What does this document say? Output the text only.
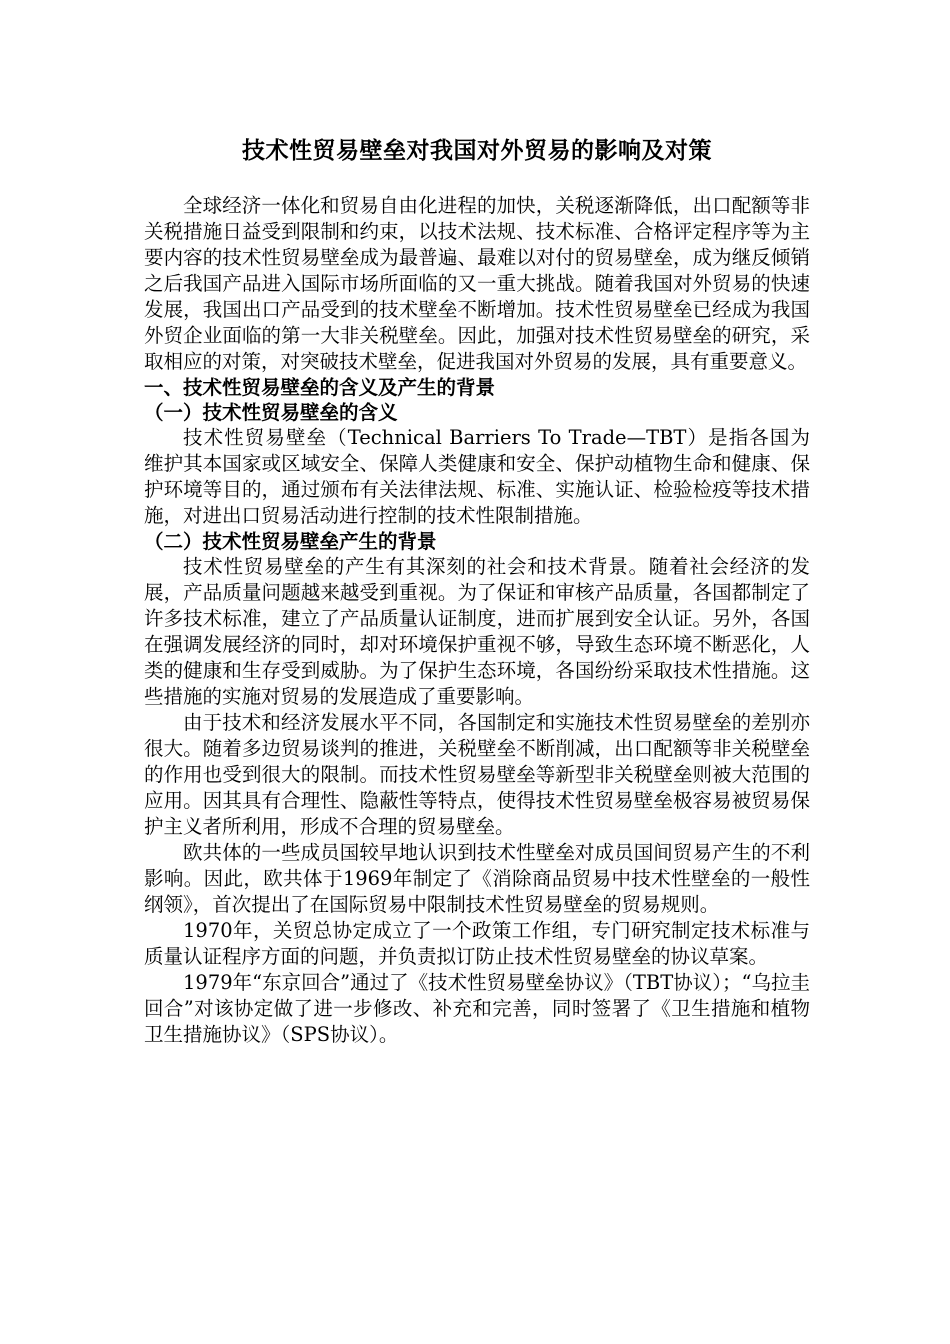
技术性贸易壁垒对我国对外贸易的影响及对策

全球经济一体化和贸易自由化进程的加快，关税逐渐降低，出口配额等非关税措施日益受到限制和约束，以技术法规、技术标准、合格评定程序等为主要内容的技术性贸易壁垒成为最普遍、最难以对付的贸易壁垒，成为继反倾销之后我国产品进入国际市场所面临的又一重大挑战。随着我国对外贸易的快速发展，我国出口产品受到的技术壁垒不断增加。技术性贸易壁垒已经成为我国外贸企业面临的第一大非关税壁垒。因此，加强对技术性贸易壁垒的研究，采取相应的对策，对突破技术壁垒，促进我国对外贸易的发展，具有重要意义。

一、技术性贸易壁垒的含义及产生的背景
（一）技术性贸易壁垒的含义

技术性贸易壁垒（Technical Barriers To Trade—TBT）是指各国为维护其本国家或区域安全、保障人类健康和安全、保护动植物生命和健康、保护环境等目的，通过颁布有关法律法规、标准、实施认证、检验检疫等技术措施，对进出口贸易活动进行控制的技术性限制措施。

（二）技术性贸易壁垒产生的背景

技术性贸易壁垒的产生有其深刻的社会和技术背景。随着社会经济的发展，产品质量问题越来越受到重视。为了保证和审核产品质量，各国都制定了许多技术标准，建立了产品质量认证制度，进而扩展到安全认证。另外，各国在强调发展经济的同时，却对环境保护重视不够，导致生态环境不断恶化，人类的健康和生存受到威胁。为了保护生态环境，各国纷纷采取技术性措施。这些措施的实施对贸易的发展造成了重要影响。

由于技术和经济发展水平不同，各国制定和实施技术性贸易壁垒的差别亦很大。随着多边贸易谈判的推进，关税壁垒不断削减，出口配额等非关税壁垒的作用也受到很大的限制。而技术性贸易壁垒等新型非关税壁垒则被大范围的应用。因其具有合理性、隐蔽性等特点，使得技术性贸易壁垒极容易被贸易保护主义者所利用，形成不合理的贸易壁垒。

欧共体的一些成员国较早地认识到技术性壁垒对成员国间贸易产生的不利影响。因此，欧共体于1969年制定了《消除商品贸易中技术性壁垒的一般性纲领》，首次提出了在国际贸易中限制技术性贸易壁垒的贸易规则。

1970年，关贸总协定成立了一个政策工作组，专门研究制定技术标准与质量认证程序方面的问题，并负责拟订防止技术性贸易壁垒的协议草案。

1979年“东京回合”通过了《技术性贸易壁垒协议》（TBT协议）；“乌拉圭回合”对该协定做了进一步修改、补充和完善，同时签署了《卫生措施和植物卫生措施协议》（SPS协议）。
